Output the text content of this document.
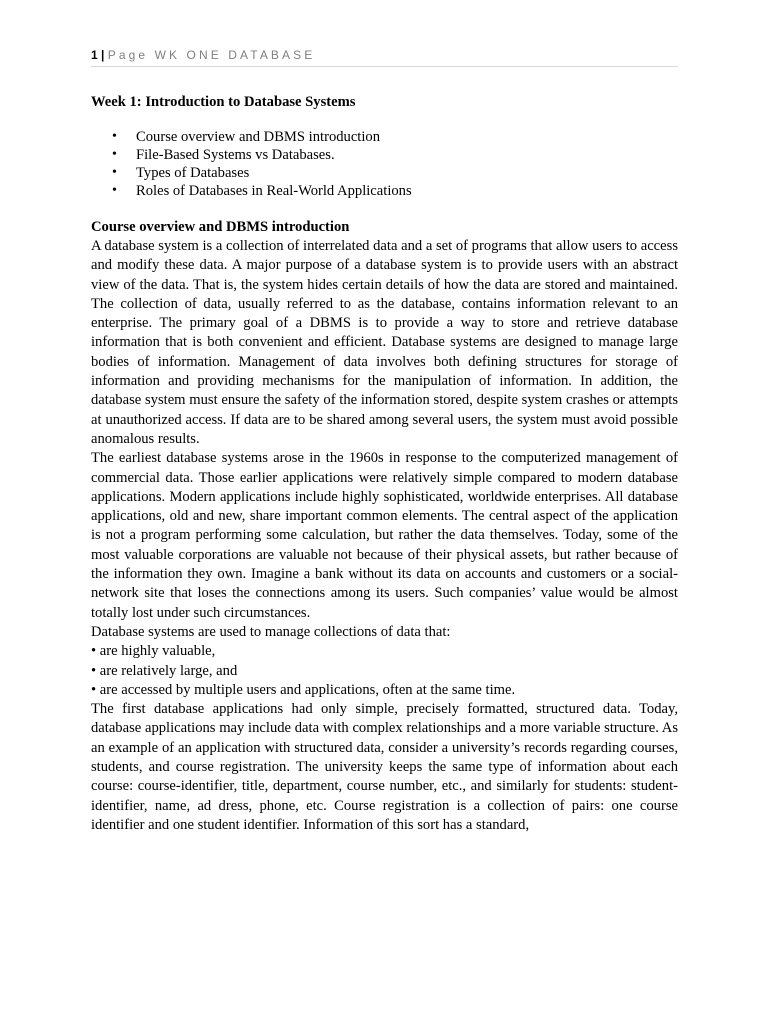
1 | Page WK ONE DATABASE

Week 1: Introduction to Database Systems

• Course overview and DBMS introduction
• File-Based Systems vs Databases.
• Types of Databases
• Roles of Databases in Real-World Applications

Course overview and DBMS introduction

A database system is a collection of interrelated data and a set of programs that allow users to access and modify these data. A major purpose of a database system is to provide users with an abstract view of the data. That is, the system hides certain details of how the data are stored and maintained. The collection of data, usually referred to as the database, contains information relevant to an enterprise. The primary goal of a DBMS is to provide a way to store and retrieve database information that is both convenient and efficient. Database systems are designed to manage large bodies of information. Management of data involves both defining structures for storage of information and providing mechanisms for the manipulation of information. In addition, the database system must ensure the safety of the information stored, despite system crashes or attempts at unauthorized access. If data are to be shared among several users, the system must avoid possible anomalous results.

The earliest database systems arose in the 1960s in response to the computerized management of commercial data. Those earlier applications were relatively simple compared to modern database applications. Modern applications include highly sophisticated, worldwide enterprises. All database applications, old and new, share important common elements. The central aspect of the application is not a program performing some calculation, but rather the data themselves. Today, some of the most valuable corporations are valuable not because of their physical assets, but rather because of the information they own. Imagine a bank without its data on accounts and customers or a social-network site that loses the connections among its users. Such companies’ value would be almost totally lost under such circumstances.

Database systems are used to manage collections of data that:

• are highly valuable,

• are relatively large, and

• are accessed by multiple users and applications, often at the same time.

The first database applications had only simple, precisely formatted, structured data. Today, database applications may include data with complex relationships and a more variable structure. As an example of an application with structured data, consider a university’s records regarding courses, students, and course registration. The university keeps the same type of information about each course: course-identifier, title, department, course number, etc., and similarly for students: student-identifier, name, ad dress, phone, etc. Course registration is a collection of pairs: one course identifier and one student identifier. Information of this sort has a standard,
